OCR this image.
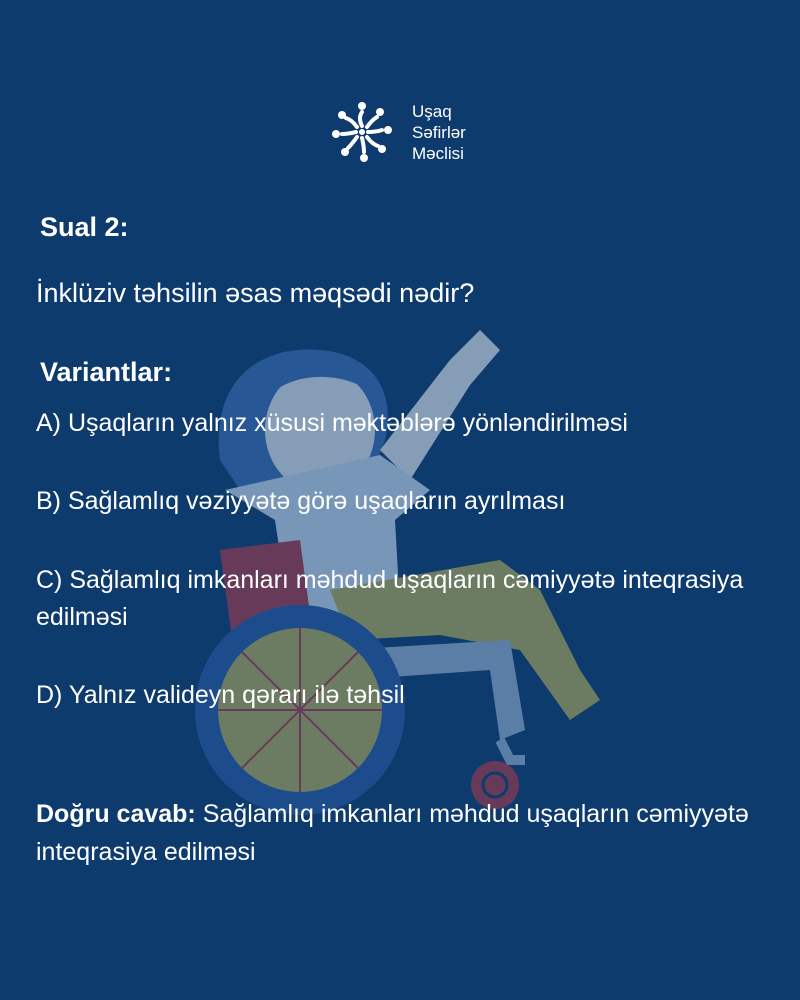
Uşaq
Səfirlər
Məclisi
Sual 2:
İnklüziv təhsilin əsas məqsədi nədir?
Variantlar:
A) Uşaqların yalnız xüsusi məktəblərə yönləndirilməsi
B) Sağlamlıq vəziyyətə görə uşaqların ayrılması
C) Sağlamlıq imkanları məhdud uşaqların cəmiyyətə inteqrasiya edilməsi
D) Yalnız valideyn qərarı ilə təhsil
Doğru cavab: Sağlamlıq imkanları məhdud uşaqların cəmiyyətə inteqrasiya edilməsi
